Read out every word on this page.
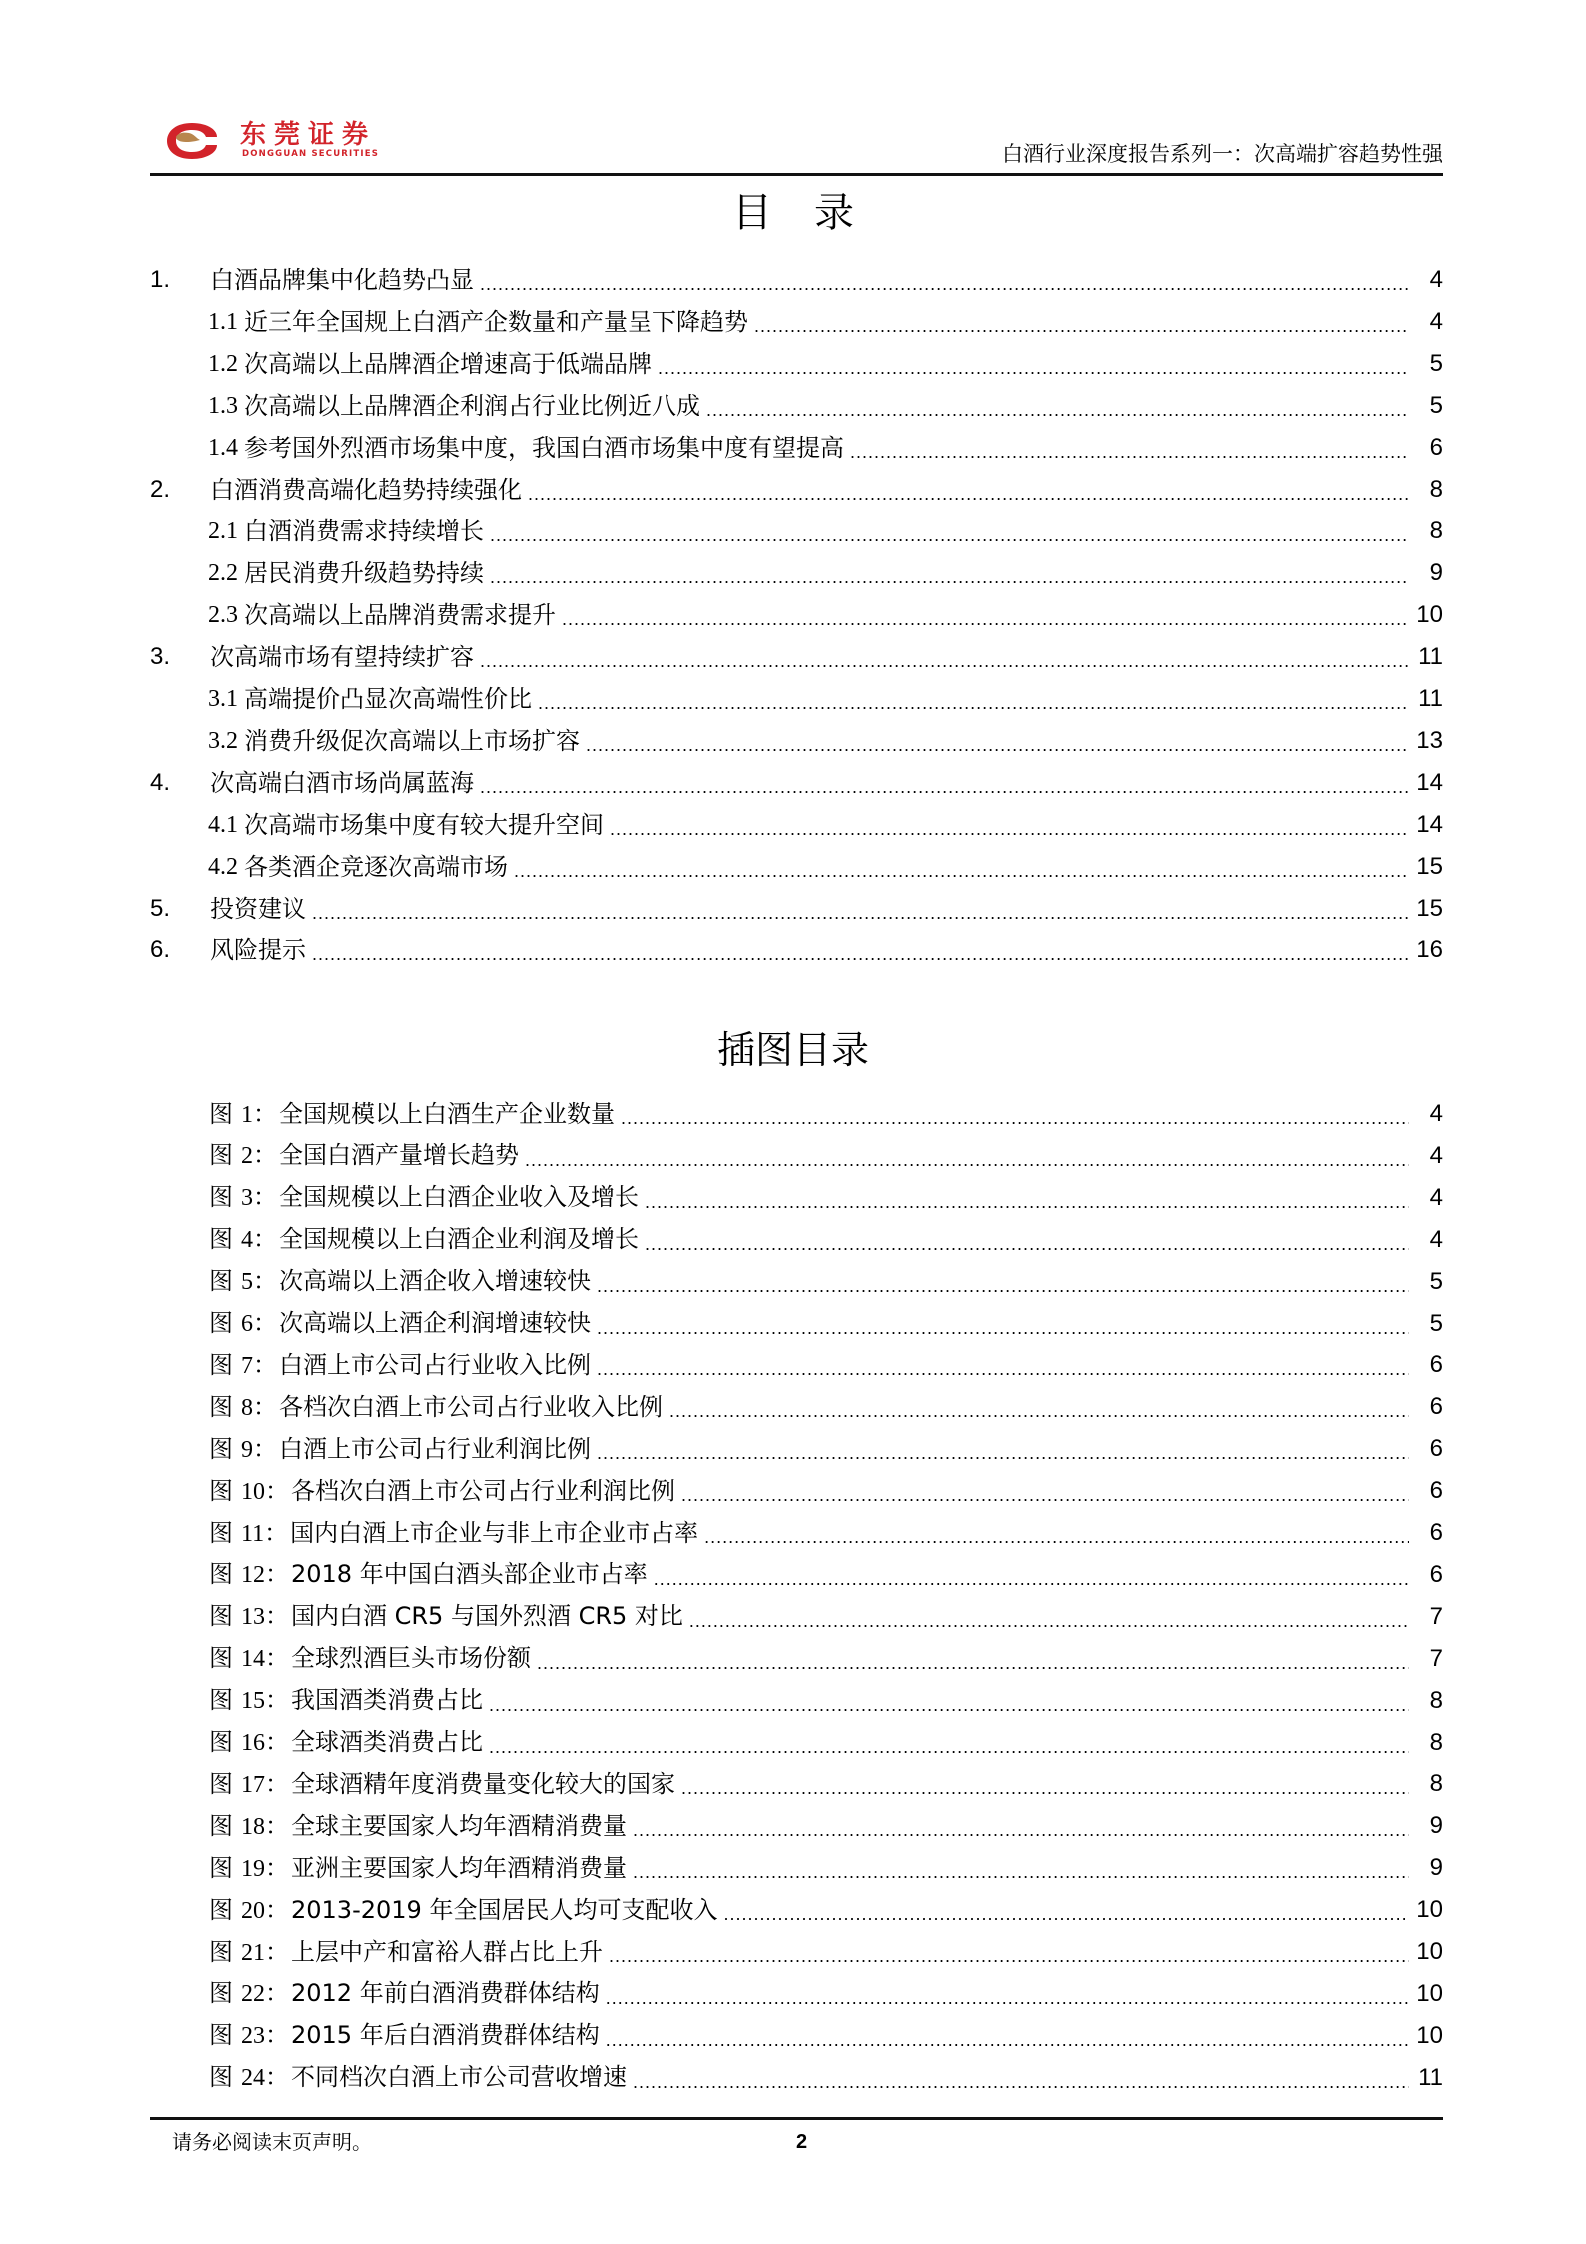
东莞证券
DONGGUAN SECURITIES	白酒行业深度报告系列一：次高端扩容趋势性强
目录
1.	白酒品牌集中化趋势凸显 .....	4
1.1 近三年全国规上白酒产企数量和产量呈下降趋势 .....	4
1.2 次高端以上品牌酒企增速高于低端品牌 .....	5
1.3 次高端以上品牌酒企利润占行业比例近八成 .....	5
1.4 参考国外烈酒市场集中度，我国白酒市场集中度有望提高 .....	6
2.	白酒消费高端化趋势持续强化 .....	8
2.1 白酒消费需求持续增长 .....	8
2.2 居民消费升级趋势持续 .....	9
2.3 次高端以上品牌消费需求提升 .....	10
3.	次高端市场有望持续扩容 .....	11
3.1 高端提价凸显次高端性价比 .....	11
3.2 消费升级促次高端以上市场扩容 .....	13
4.	次高端白酒市场尚属蓝海 .....	14
4.1 次高端市场集中度有较大提升空间 .....	14
4.2 各类酒企竞逐次高端市场 .....	15
5.	投资建议 .....	15
6.	风险提示 .....	16
插图目录
图 1：全国规模以上白酒生产企业数量 .....	4
图 2：全国白酒产量增长趋势 .....	4
图 3：全国规模以上白酒企业收入及增长 .....	4
图 4：全国规模以上白酒企业利润及增长 .....	4
图 5：次高端以上酒企收入增速较快 .....	5
图 6：次高端以上酒企利润增速较快 .....	5
图 7：白酒上市公司占行业收入比例 .....	6
图 8：各档次白酒上市公司占行业收入比例 .....	6
图 9：白酒上市公司占行业利润比例 .....	6
图 10：各档次白酒上市公司占行业利润比例 .....	6
图 11：国内白酒上市企业与非上市企业市占率 .....	6
图 12：2018 年中国白酒头部企业市占率 .....	6
图 13：国内白酒 CR5 与国外烈酒 CR5 对比 .....	7
图 14：全球烈酒巨头市场份额 .....	7
图 15：我国酒类消费占比 .....	8
图 16：全球酒类消费占比 .....	8
图 17：全球酒精年度消费量变化较大的国家 .....	8
图 18：全球主要国家人均年酒精消费量 .....	9
图 19：亚洲主要国家人均年酒精消费量 .....	9
图 20：2013-2019 年全国居民人均可支配收入 .....	10
图 21：上层中产和富裕人群占比上升 .....	10
图 22：2012 年前白酒消费群体结构 .....	10
图 23：2015 年后白酒消费群体结构 .....	10
图 24：不同档次白酒上市公司营收增速 .....	11
请务必阅读末页声明。	2
